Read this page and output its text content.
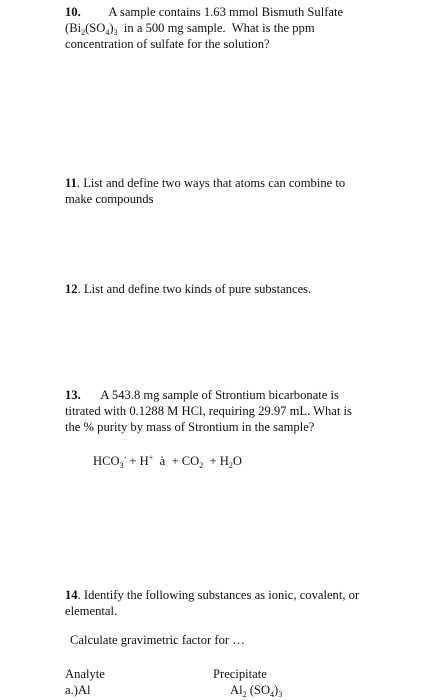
10. A sample contains 1.63 mmol Bismuth Sulfate
($Bi_2(SO_4)_3$  in a 500 mg sample.  What is the ppm
concentration of sulfate for the solution?
11. List and define two ways that atoms can combine to
make compounds
12. List and define two kinds of pure substances.
13. A 543.8 mg sample of Strontium bicarbonate is
titrated with 0.1288 M HCl, requiring 29.97 mL. What is
the % purity by mass of Strontium in the sample?
$HCO_3^- + H^+$  à  + $CO_2 + H_2O$
14. Identify the following substances as ionic, covalent, or
elemental.
Calculate gravimetric factor for …
Analyte	Precipitate
a.)Al	$Al_2$ $(SO_4)_3$
